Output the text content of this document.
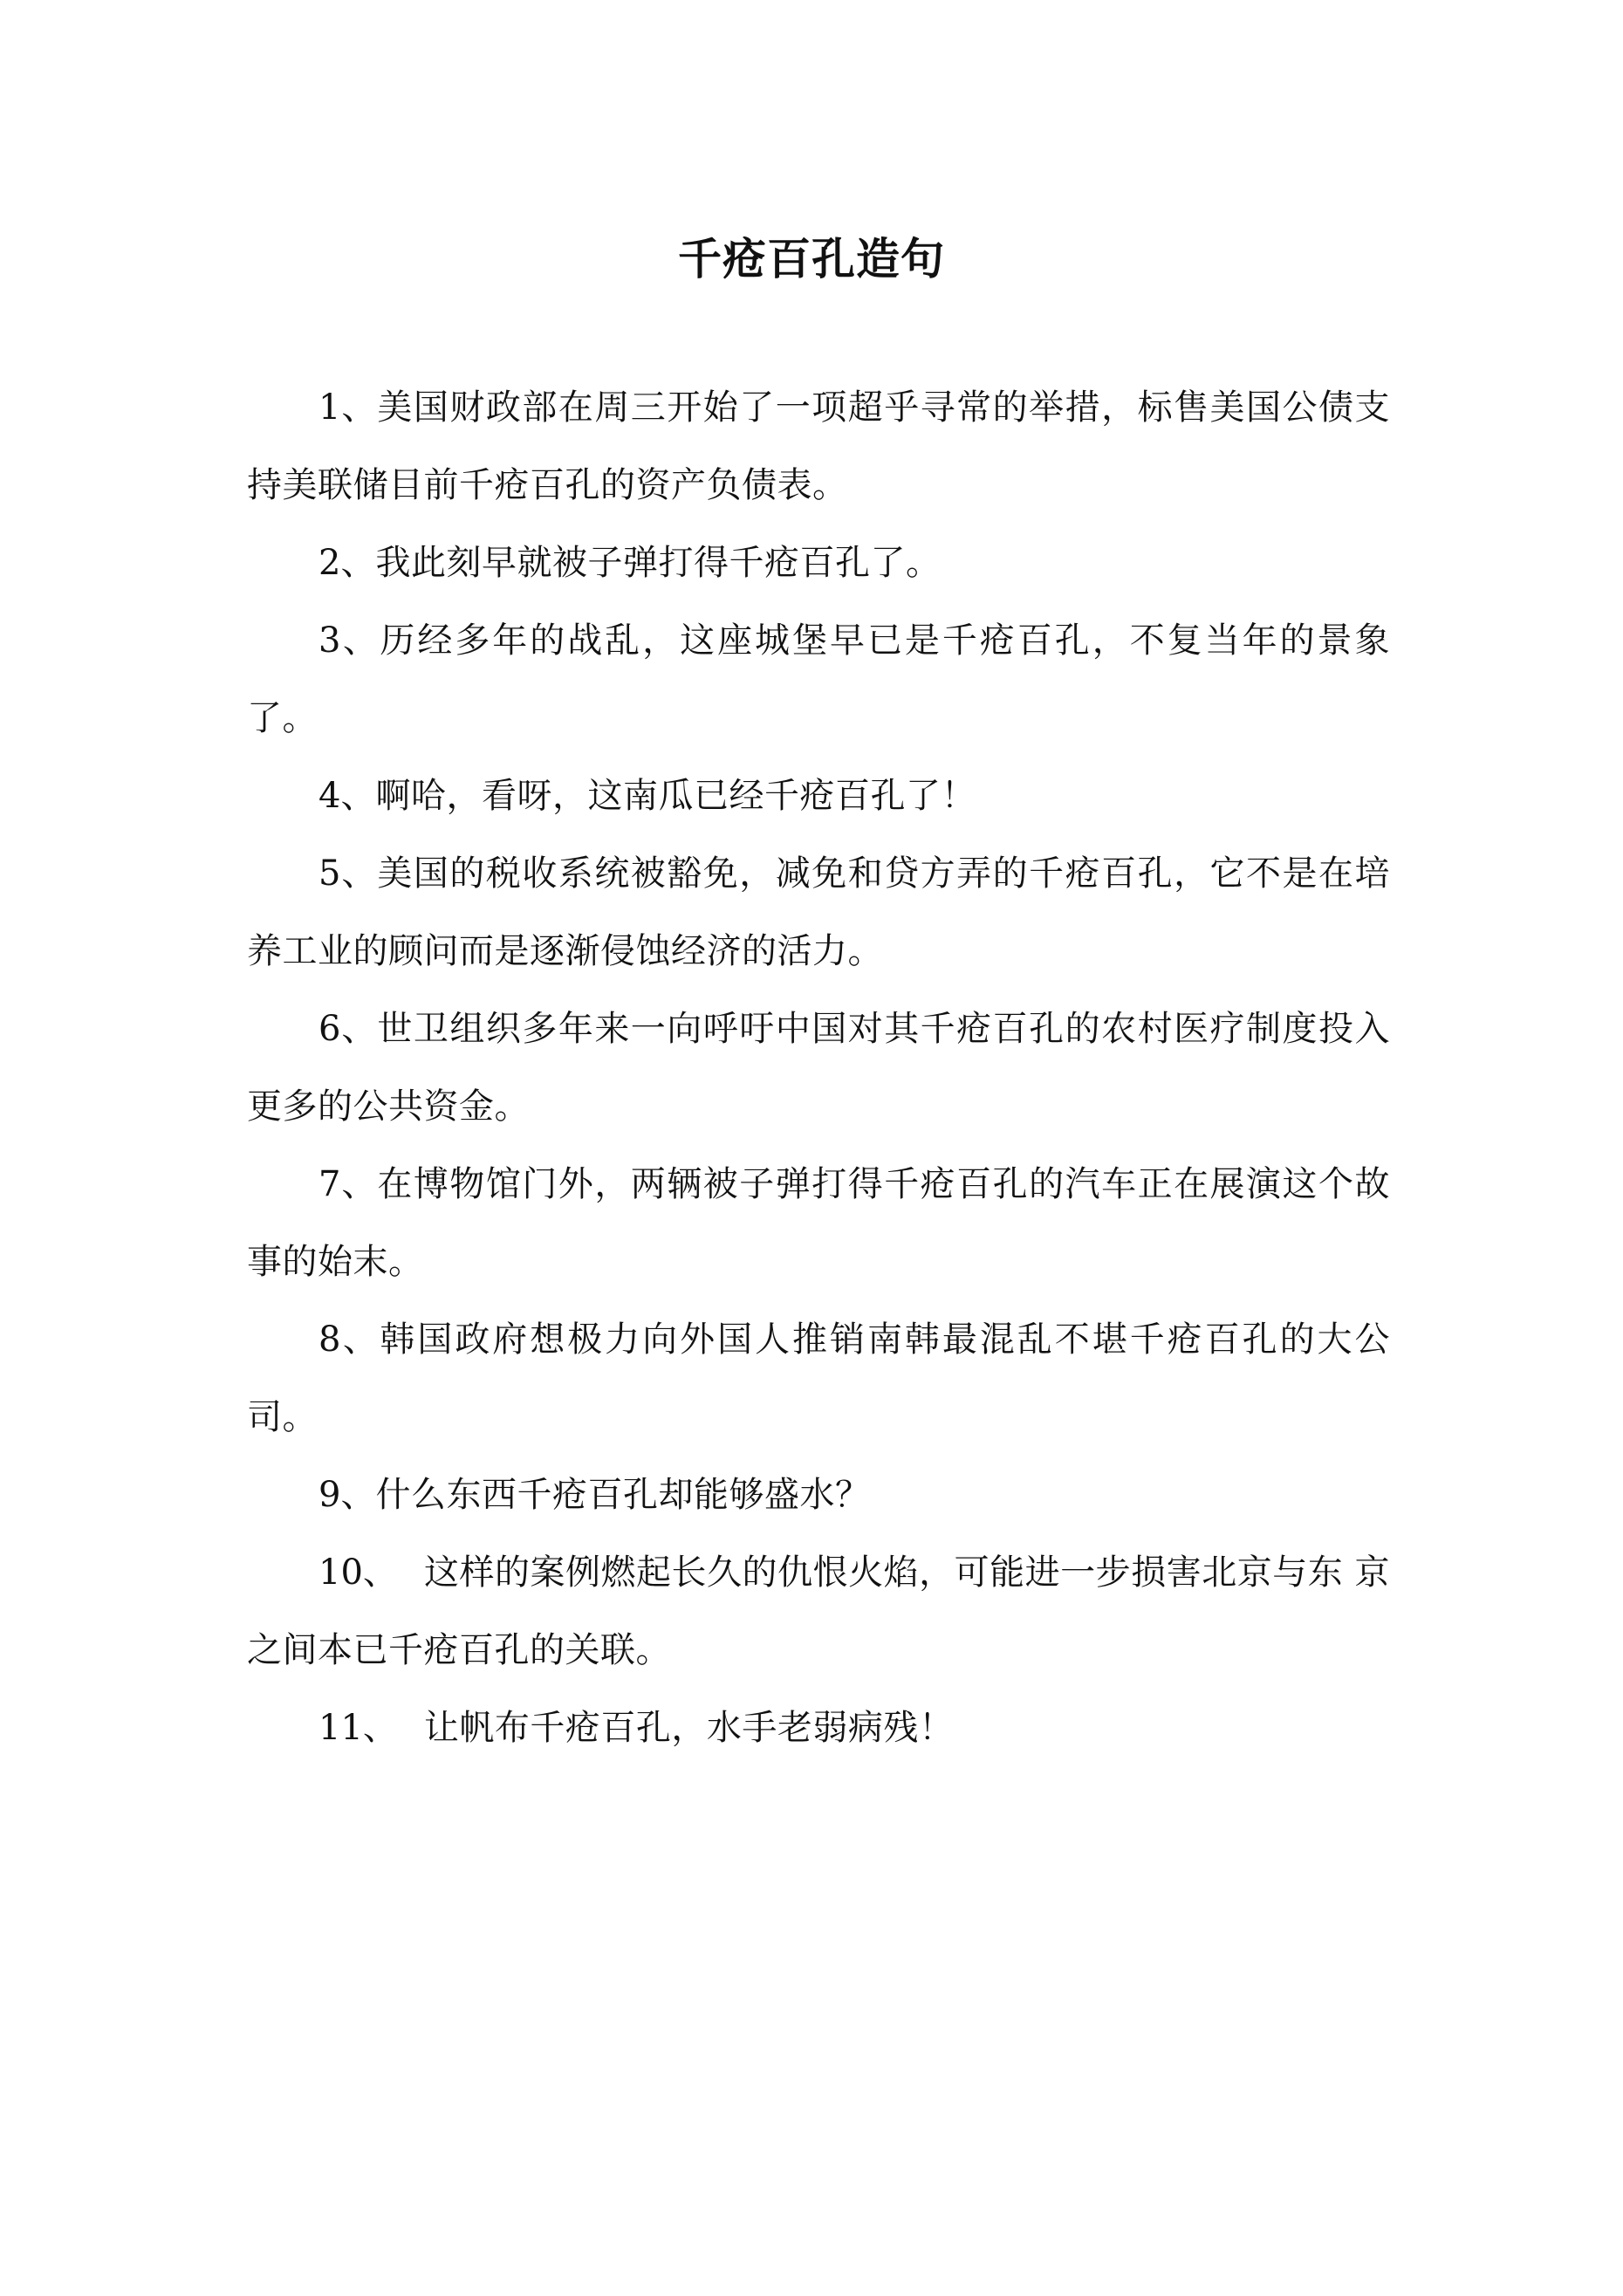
千疮百孔造句

1、美国财政部在周三开始了一项超乎寻常的举措，标售美国公债支持美联储目前千疮百孔的资产负债表。

2、我此刻早就被子弹打得千疮百孔了。

3、历经多年的战乱，这座城堡早已是千疮百孔，不复当年的景象了。

4、啊哈，看呀，这南瓜已经千疮百孔了！

5、美国的税收系统被豁免，减免和贷方弄的千疮百孔，它不是在培养工业的顾问而是逐渐侵蚀经济的活力。

6、世卫组织多年来一向呼吁中国对其千疮百孔的农村医疗制度投入更多的公共资金。

7、在博物馆门外，两辆被子弹打得千疮百孔的汽车正在展演这个故事的始末。

8、韩国政府想极力向外国人推销南韩最混乱不堪千疮百孔的大公司。

9、什么东西千疮百孔却能够盛水？

10、 这样的案例燃起长久的仇恨火焰，可能进一步损害北京与东 京之间本已千疮百孔的关联。

11、 让帆布千疮百孔，水手老弱病残！
